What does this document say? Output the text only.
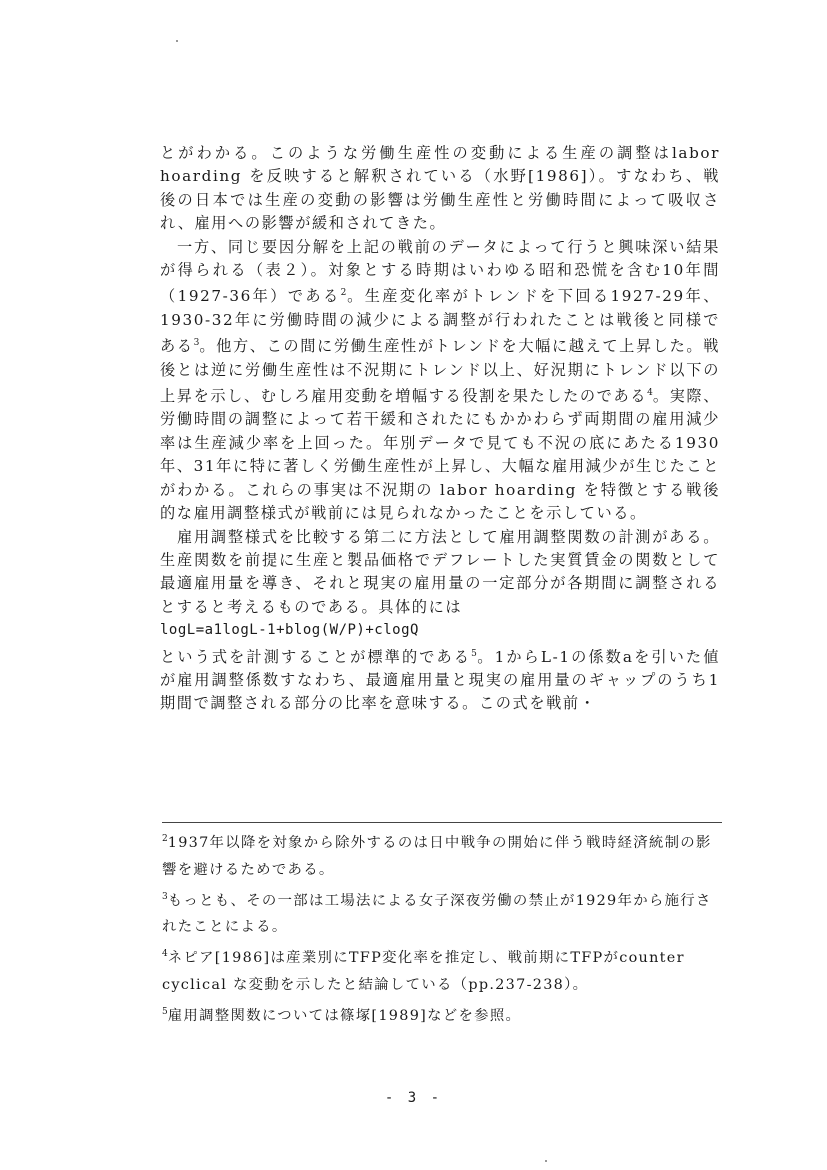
とがわかる。このような労働生産性の変動による生産の調整はlabor hoarding を反映すると解釈されている（水野[1986]）。すなわち、戦後の日本では生産の変動の影響は労働生産性と労働時間によって吸収され、雇用への影響が緩和されてきた。

　一方、同じ要因分解を上記の戦前のデータによって行うと興味深い結果が得られる（表２）。対象とする時期はいわゆる昭和恐慌を含む10年間（1927-36年）である$^2$。生産変化率がトレンドを下回る1927-29年、1930-32年に労働時間の減少による調整が行われたことは戦後と同様である$^3$。他方、この間に労働生産性がトレンドを大幅に越えて上昇した。戦後とは逆に労働生産性は不況期にトレンド以上、好況期にトレンド以下の上昇を示し、むしろ雇用変動を増幅する役割を果たしたのである$^4$。実際、労働時間の調整によって若干緩和されたにもかかわらず両期間の雇用減少率は生産減少率を上回った。年別データで見ても不況の底にあたる1930年、31年に特に著しく労働生産性が上昇し、大幅な雇用減少が生じたことがわかる。これらの事実は不況期の labor hoarding を特徴とする戦後的な雇用調整様式が戦前には見られなかったことを示している。

　雇用調整様式を比較する第二に方法として雇用調整関数の計測がある。生産関数を前提に生産と製品価格でデフレートした実質賃金の関数として最適雇用量を導き、それと現実の雇用量の一定部分が各期間に調整されるとすると考えるものである。具体的には

logL=a1logL-1+blog(W/P)+clogQ

という式を計測することが標準的である$^5$。1からL-1の係数aを引いた値が雇用調整係数すなわち、最適雇用量と現実の雇用量のギャップのうち1期間で調整される部分の比率を意味する。この式を戦前・

$^2$1937年以降を対象から除外するのは日中戦争の開始に伴う戦時経済統制の影響を避けるためである。

$^3$もっとも、その一部は工場法による女子深夜労働の禁止が1929年から施行されたことによる。

$^4$ネピア[1986]は産業別にTFP変化率を推定し、戦前期にTFPがcounter cyclical な変動を示したと結論している（pp.237-238）。

$^5$雇用調整関数については篠塚[1989]などを参照。

- 3 -
